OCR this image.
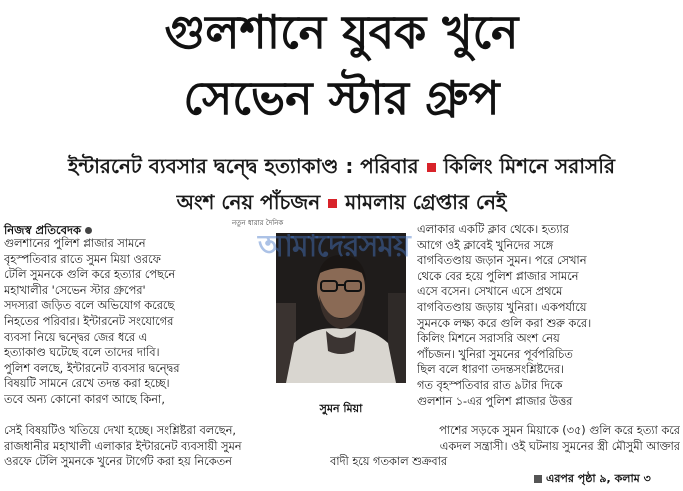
গুলশানে যুবক খুনে
সেভেন স্টার গ্রুপ
ইন্টারনেট ব্যবসার দ্বন্দ্বে হত্যাকাণ্ড : পরিবার কিলিং মিশনে সরাসরি
অংশ নেয় পাঁচজন মামলায় গ্রেপ্তার নেই
নতুন ধারার দৈনিক
নিজস্ব প্রতিবেদক

গুলশানের পুলিশ প্লাজার সামনে

বৃহস্পতিবার রাতে সুমন মিয়া ওরফে

টেলি সুমনকে গুলি করে হত্যার পেছনে

মহাখালীর 'সেভেন স্টার গ্রুপের'

সদস্যরা জড়িত বলে অভিযোগ করেছে

নিহতের পরিবার। ইন্টারনেট সংযোগের

ব্যবসা নিয়ে দ্বন্দ্বের জের ধরে এ

হত্যাকাণ্ড ঘটেছে বলে তাদের দাবি।

পুলিশ বলছে, ইন্টারনেট ব্যবসার দ্বন্দ্বের

বিষয়টি সামনে রেখে তদন্ত করা হচ্ছে।

তবে অন্য কোনো কারণ আছে কিনা,

আমাদেরসময়
সুমন মিয়া

এলাকার একটি ক্লাব থেকে। হত্যার

আগে ওই ক্লাবেই খুনিদের সঙ্গে

বাগবিতণ্ডায় জড়ান সুমন। পরে সেখান

থেকে বের হয়ে পুলিশ প্লাজার সামনে

এসে বসেন। সেখানে এসে প্রথমে

বাগবিতণ্ডায় জড়ায় খুনিরা। একপর্যায়ে

সুমনকে লক্ষ্য করে গুলি করা শুরু করে।

কিলিং মিশনে সরাসরি অংশ নেয়

পাঁচজন। খুনিরা সুমনের পূর্বপরিচিত

ছিল বলে ধারণা তদন্তসংশ্লিষ্টদের।

গত বৃহস্পতিবার রাত ৯টার দিকে

গুলশান ১-এর পুলিশ প্লাজার উত্তর

সেই বিষয়টিও খতিয়ে দেখা হচ্ছে। সংশ্লিষ্টরা বলছেন,

রাজধানীর মহাখালী এলাকার ইন্টারনেট ব্যবসায়ী সুমন

ওরফে টেলি সুমনকে খুনের টার্গেট করা হয় নিকেতন

পাশের সড়কে সুমন মিয়াকে (৩৫) গুলি করে হত্যা করে

একদল সন্ত্রাসী। ওই ঘটনায় সুমনের স্ত্রী মৌসুমী আক্তার

বাদী হয়ে গতকাল শুক্রবার

এরপর পৃষ্ঠা ৯, কলাম ৩
